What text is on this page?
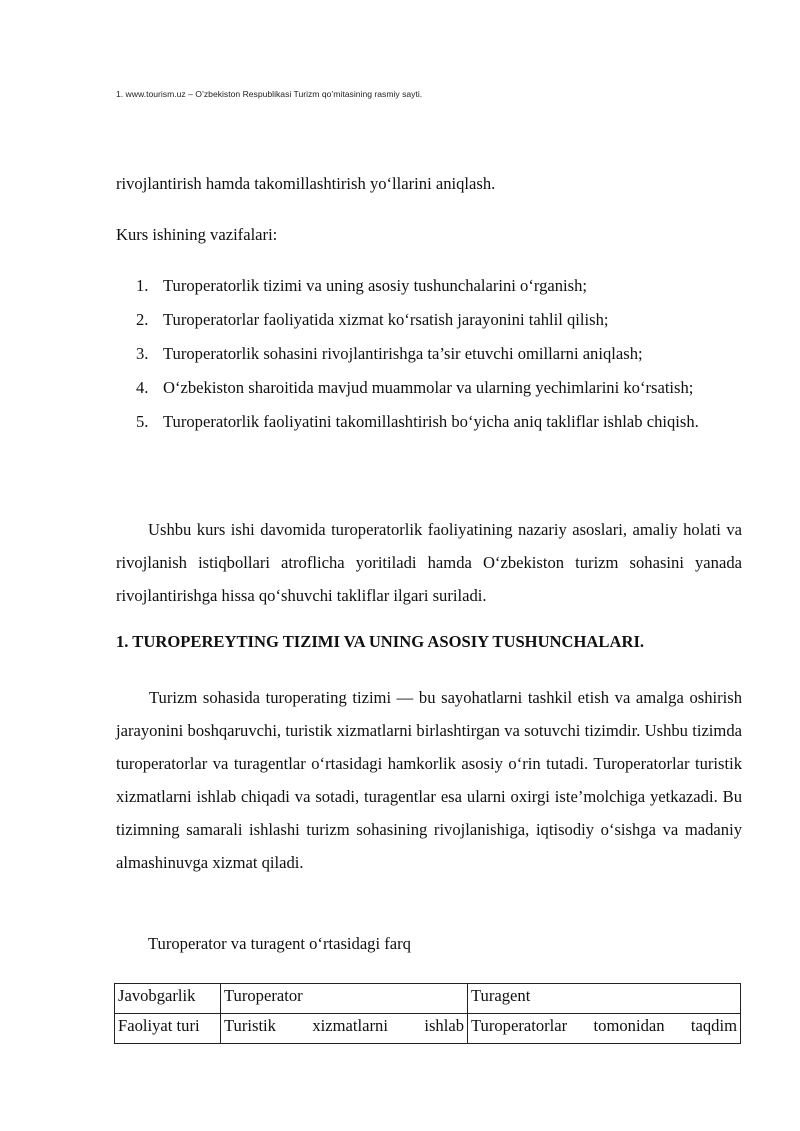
1. www.tourism.uz – O’zbekiston Respublikasi Turizm qo’mitasining rasmiy sayti.

rivojlantirish hamda takomillashtirish yo‘llarini aniqlash.

Kurs ishining vazifalari:

1. Turoperatorlik tizimi va uning asosiy tushunchalarini o‘rganish;
2. Turoperatorlar faoliyatida xizmat ko‘rsatish jarayonini tahlil qilish;
3. Turoperatorlik sohasini rivojlantirishga ta’sir etuvchi omillarni aniqlash;
4. O‘zbekiston sharoitida mavjud muammolar va ularning yechimlarini ko‘rsatish;
5. Turoperatorlik faoliyatini takomillashtirish bo‘yicha aniq takliflar ishlab chiqish.

Ushbu kurs ishi davomida turoperatorlik faoliyatining nazariy asoslari, amaliy holati va rivojlanish istiqbollari atroflicha yoritiladi hamda O‘zbekiston turizm sohasini yanada rivojlantirishga hissa qo‘shuvchi takliflar ilgari suriladi.

1. TUROPEREYTING TIZIMI VA UNING ASOSIY TUSHUNCHALARI.

Turizm sohasida turoperating tizimi — bu sayohatlarni tashkil etish va amalga oshirish jarayonini boshqaruvchi, turistik xizmatlarni birlashtirgan va sotuvchi tizimdir. Ushbu tizimda turoperatorlar va turagentlar o‘rtasidagi hamkorlik asosiy o‘rin tutadi. Turoperatorlar turistik xizmatlarni ishlab chiqadi va sotadi, turagentlar esa ularni oxirgi iste’molchiga yetkazadi. Bu tizimning samarali ishlashi turizm sohasining rivojlanishiga, iqtisodiy o‘sishga va madaniy almashinuvga xizmat qiladi.

Turoperator va turagent o‘rtasidagi farq

Javobgarlik	Turoperator	Turagent
Faoliyat turi	Turistik xizmatlarni ishlab	Turoperatorlar tomonidan taqdim
